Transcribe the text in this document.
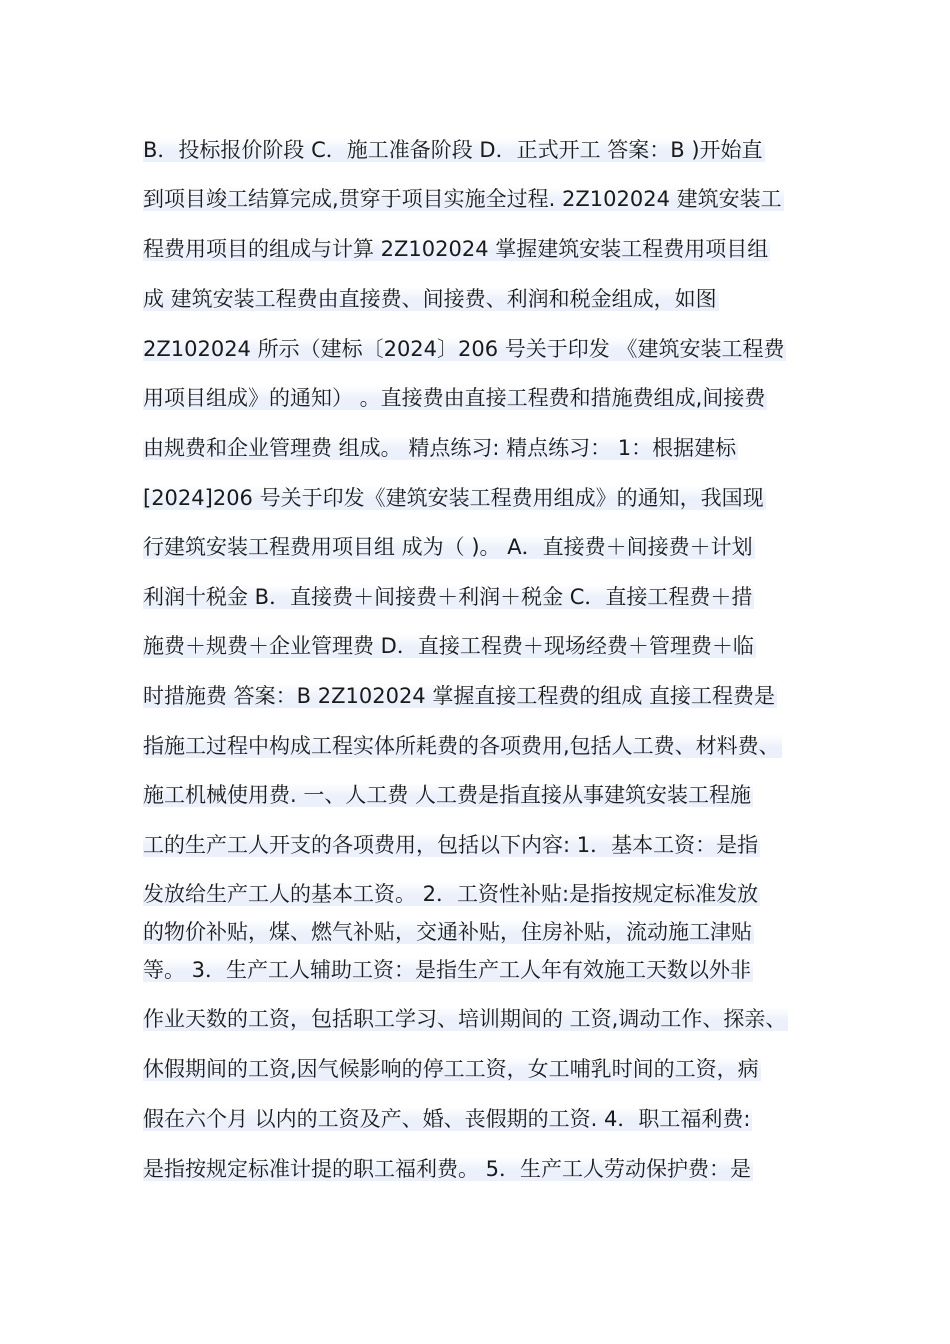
B．投标报价阶段 C．施工准备阶段 D．正式开工 答案：B )开始直
到项目竣工结算完成,贯穿于项目实施全过程. 2Z102024 建筑安装工
程费用项目的组成与计算 2Z102024 掌握建筑安装工程费用项目组
成 建筑安装工程费由直接费、间接费、利润和税金组成，如图
2Z102024 所示（建标〔2024〕206 号关于印发 《建筑安装工程费
用项目组成》的通知） 。直接费由直接工程费和措施费组成,间接费
由规费和企业管理费 组成。 精点练习: 精点练习： 1：根据建标
[2024]206 号关于印发《建筑安装工程费用组成》的通知，我国现
行建筑安装工程费用项目组 成为（ )。 A．直接费＋间接费＋计划
利润十税金 B．直接费＋间接费＋利润＋税金 C．直接工程费＋措
施费＋规费＋企业管理费 D．直接工程费＋现场经费＋管理费＋临
时措施费 答案：B 2Z102024 掌握直接工程费的组成 直接工程费是
指施工过程中构成工程实体所耗费的各项费用,包括人工费、材料费、
施工机械使用费. 一、人工费 人工费是指直接从事建筑安装工程施
工的生产工人开支的各项费用，包括以下内容: 1．基本工资：是指
发放给生产工人的基本工资。 2．工资性补贴:是指按规定标准发放
的物价补贴，煤、燃气补贴，交通补贴，住房补贴，流动施工津贴
等。 3．生产工人辅助工资：是指生产工人年有效施工天数以外非
作业天数的工资，包括职工学习、培训期间的 工资,调动工作、探亲、
休假期间的工资,因气候影响的停工工资，女工哺乳时间的工资，病
假在六个月 以内的工资及产、婚、丧假期的工资. 4．职工福利费:
是指按规定标准计提的职工福利费。 5．生产工人劳动保护费：是
